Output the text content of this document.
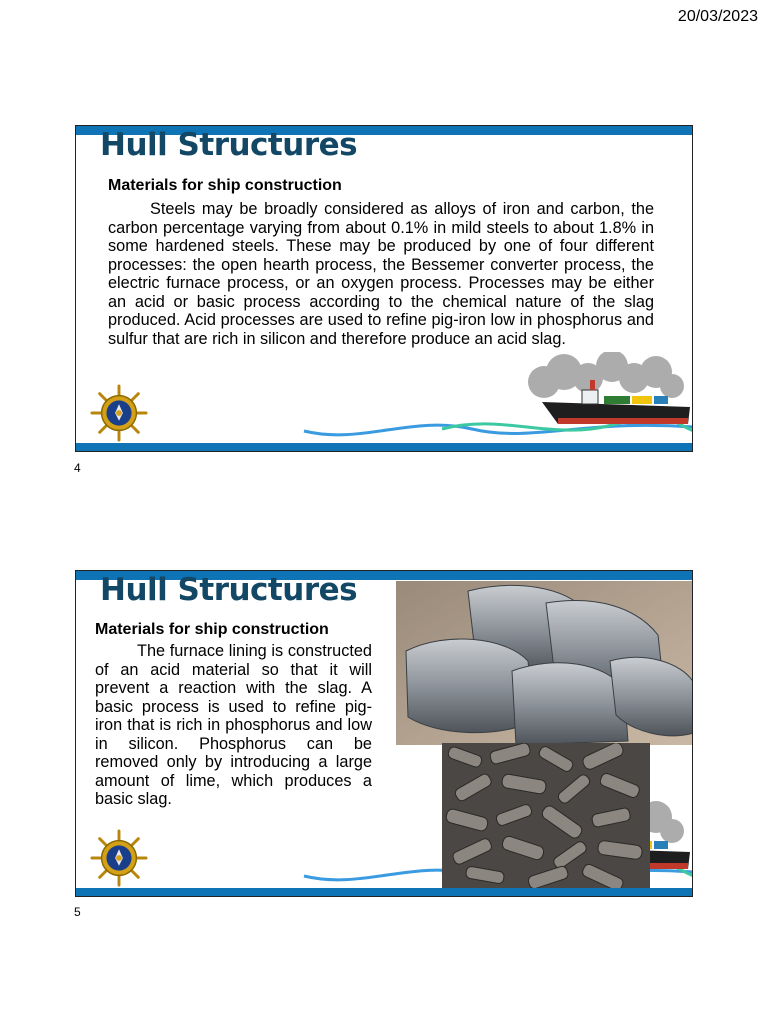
20/03/2023
Hull Structures
Materials for ship construction
Steels may be broadly considered as alloys of iron and carbon, the carbon percentage varying from about 0.1% in mild steels to about 1.8% in some hardened steels. These may be produced by one of four different processes: the open hearth process, the Bessemer converter process, the electric furnace process, or an oxygen process. Processes may be either an acid or basic process according to the chemical nature of the slag produced. Acid processes are used to refine pig-iron low in phosphorus and sulfur that are rich in silicon and therefore produce an acid slag.
4
Hull Structures
Materials for ship construction
The furnace lining is constructed of an acid material so that it will prevent a reaction with the slag. A basic process is used to refine pig-iron that is rich in phosphorus and low in silicon. Phosphorus can be removed only by introducing a large amount of lime, which produces a basic slag.
5
